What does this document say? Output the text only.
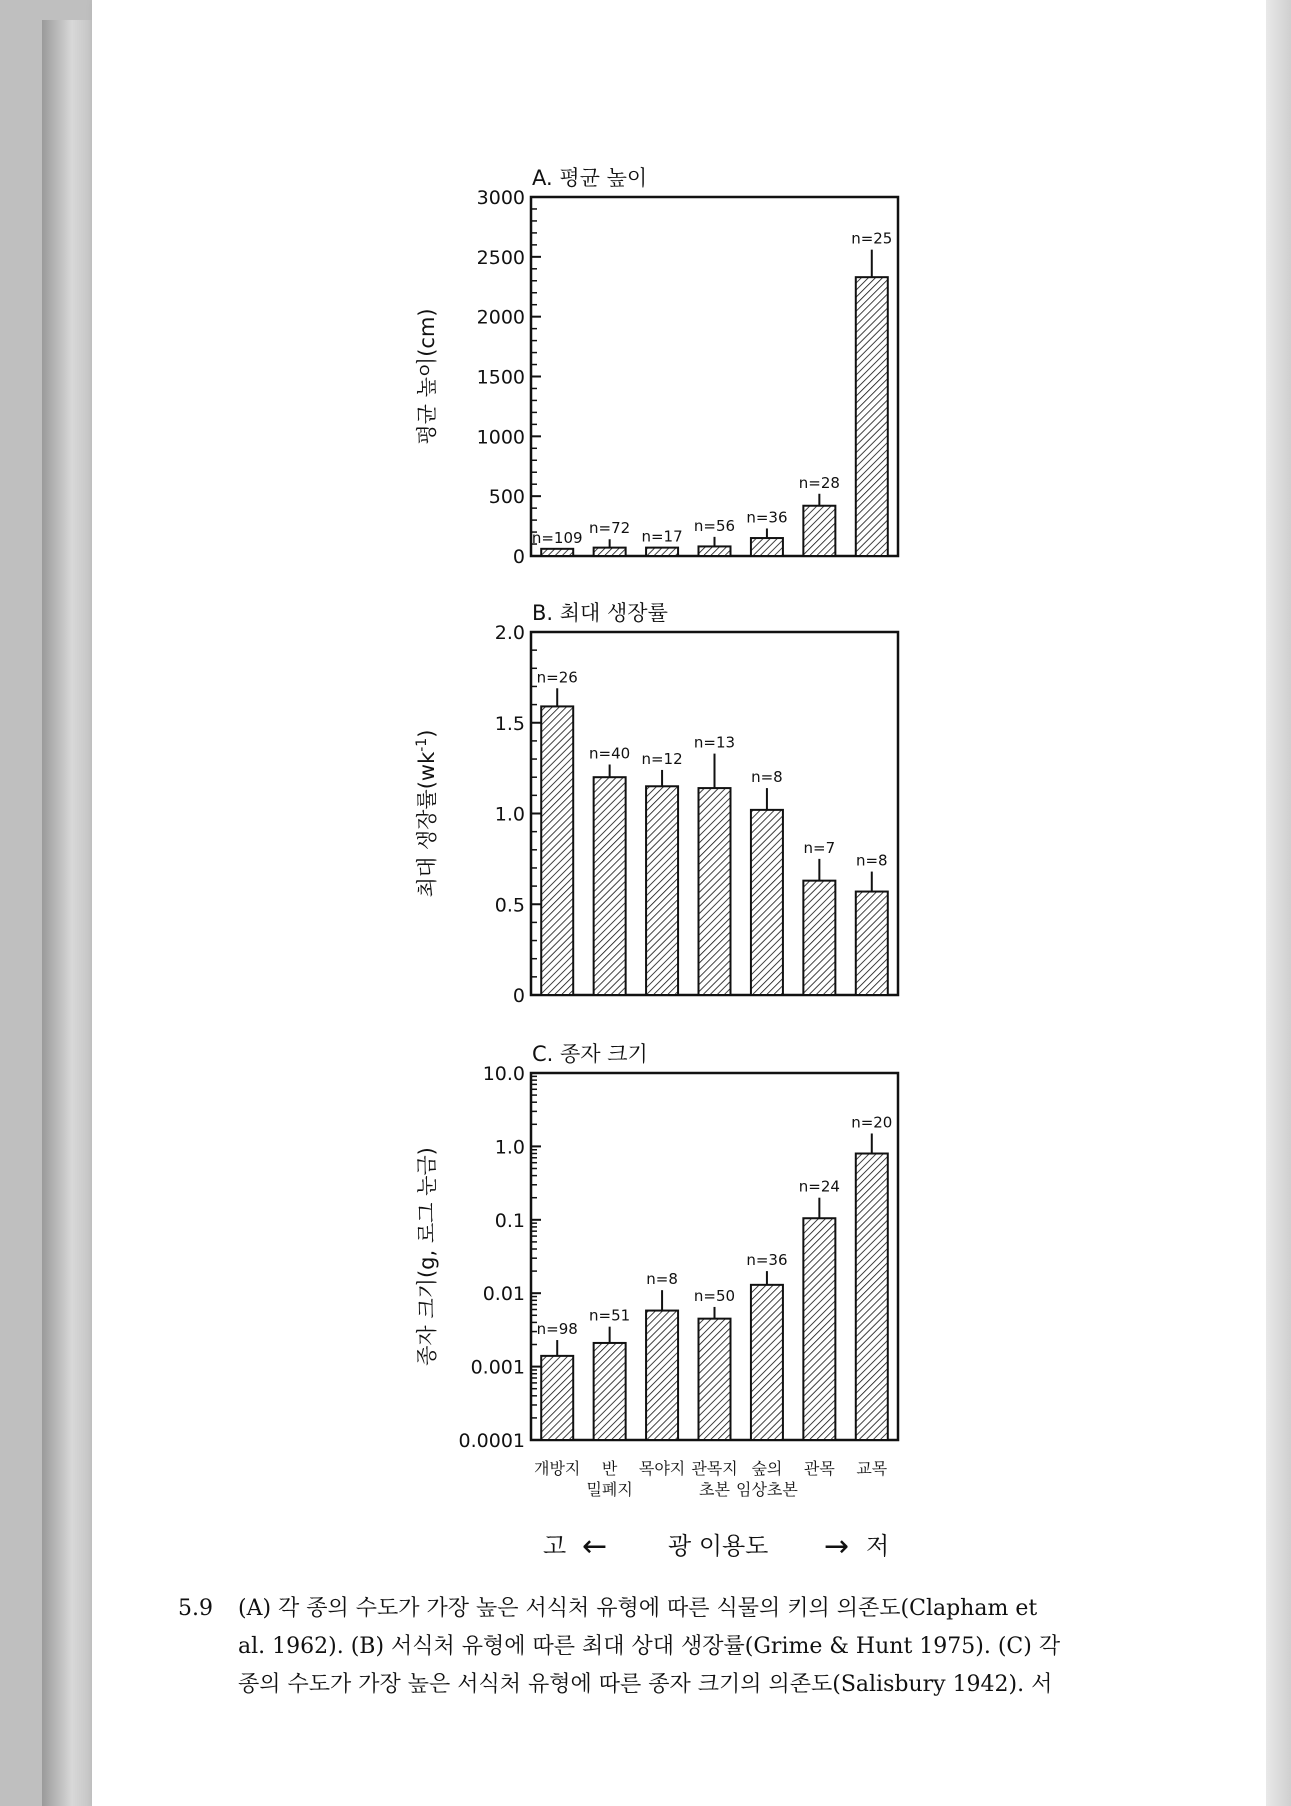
A. 평균 높이
평균 높이(cm)
0
500
1000
1500
2000
2500
3000
n=109
n=72 n=17
n=56 n=36
n=28
n=25
B. 최대 생장률
최대 생장률$(wk^{-1})$
0
0.5
1.0
1.5
2.0
n=26
n=40 n=12
n=13
n=8
n=7
n=8
C. 종자 크기
종자 크기(g, 로그 눈금)
0.0001
0.001
0.01
0.1
1.0
10.0
n=98
n=51
n=8
n=50
n=36
n=24
n=20
개방지 반
밀폐지
목야지 관목지
초본
숲의
임상초본
관목 교목
고 ←	광 이용도 → 저
5.9 (A) 각 종의 수도가 가장 높은 서식처 유형에 따른 식물의 키의 의존도(Clapham et
al. 1962). (B) 서식처 유형에 따른 최대 상대 생장률(Grime & Hunt 1975). (C) 각
종의 수도가 가장 높은 서식처 유형에 따른 종자 크기의 의존도(Salisbury 1942). 서
